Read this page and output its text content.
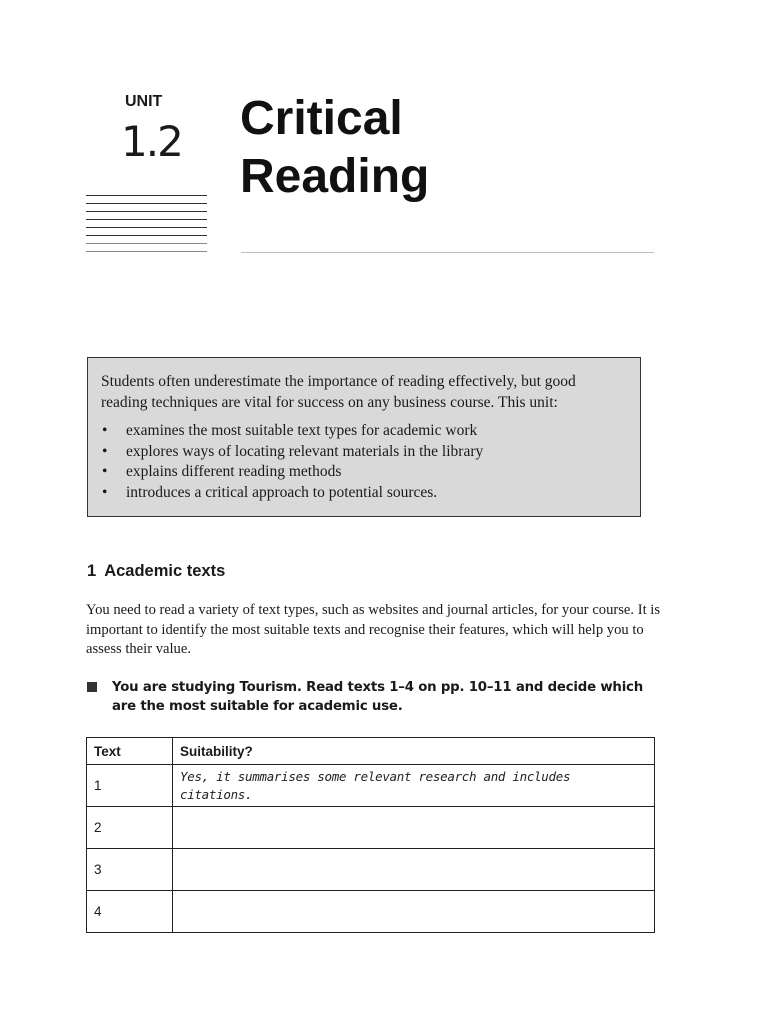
UNIT
1.2 Critical
Reading

Students often underestimate the importance of reading effectively, but good reading techniques are vital for success on any business course. This unit:

• examines the most suitable text types for academic work
• explores ways of locating relevant materials in the library
• explains different reading methods
• introduces a critical approach to potential sources.
1 Academic texts

You need to read a variety of text types, such as websites and journal articles, for your course. It is important to identify the most suitable texts and recognise their features, which will help you to assess their value.

You are studying Tourism. Read texts 1–4 on pp. 10–11 and decide which are the most suitable for academic use.
Text	Suitability?
1	Yes, it summarises some relevant research and includes citations.

2	
3	
4	
